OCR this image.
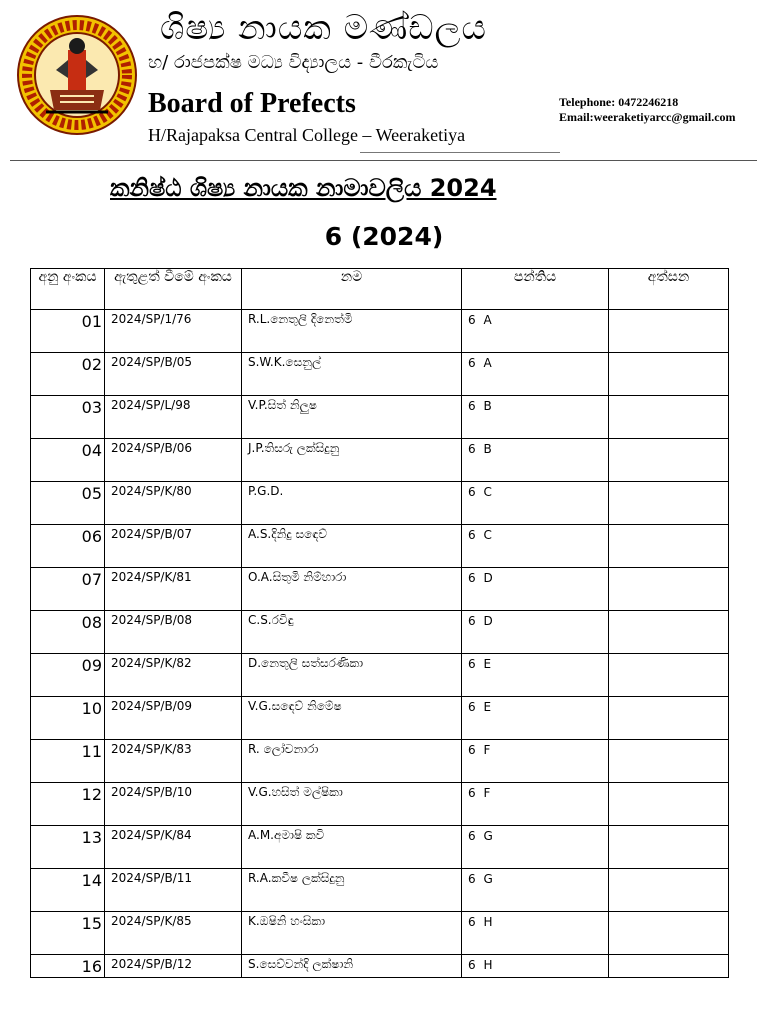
ශිෂ්‍ය නායක මණ්ඩලය
හ/ රාජපක්ෂ මධ්‍ය විද්‍යාලය - වීරකැටිය
Board of Prefects
H/Rajapaksa Central College – Weeraketiya
Telephone: 0472246218
Email:weeraketiyarcc@gmail.com
කනිෂ්ඨ ශිෂ්‍ය නායක නාමාවලිය 2024
6 (2024)
අනු අංකය	ඇතුළත් වීමේ අංකය	නම	පන්තිය	අත්සන
01	2024/SP/1/76	R.L.නෙතුලි දිනෙත්මි	6 A	
02	2024/SP/B/05	S.W.K.සෙනුල්	6 A	
03	2024/SP/L/98	V.P.සිත් නිලුෂ	6 B	
04	2024/SP/B/06	J.P.තිසරු ලක්සිදුනු	6 B	
05	2024/SP/K/80	P.G.D.	6 C	
06	2024/SP/B/07	A.S.දිනිදු සඳෙව්	6 C	
07	2024/SP/K/81	O.A.සිතුමි නිම්හාරා	6 D	
08	2024/SP/B/08	C.S.රවිඳු	6 D	
09	2024/SP/K/82	D.නෙතුලි සත්සරණිකා	6 E	
10	2024/SP/B/09	V.G.සඳෙව් නිමේෂ	6 E	
11	2024/SP/K/83	R. ලෝචනාරා	6 F	
12	2024/SP/B/10	V.G.හසිත් මල්ෂිකා	6 F	
13	2024/SP/K/84	A.M.අමාෂි කවි	6 G	
14	2024/SP/B/11	R.A.කවීෂ ලක්සිදුනු	6 G	
15	2024/SP/K/85	K.ඔෂිනි හංසිකා	6 H	
16	2024/SP/B/12	S.සෙව්වන්දි ලක්ෂානි	6 H	
